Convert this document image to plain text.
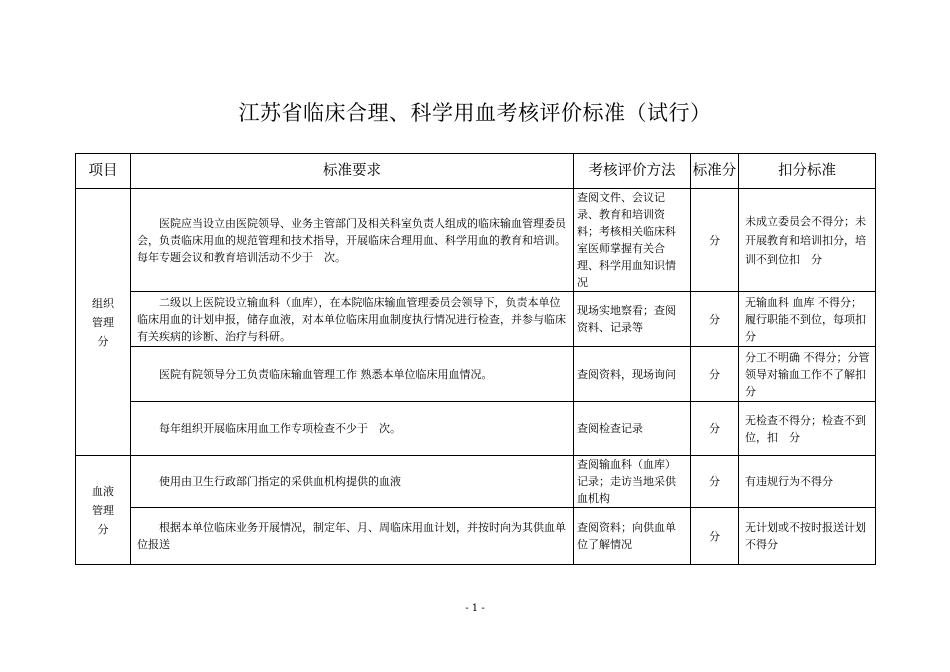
江苏省临床合理、科学用血考核评价标准（试行）
项目	标准要求	考核评价方法	标准分	扣分标准

组织
管理
分	医院应当设立由医院领导、业务主管部门及相关科室负责人组成的临床输血管理委员会，负责临床用血的规范管理和技术指导，开展临床合理用血、科学用血的教育和培训。每年专题会议和教育培训活动不少于　次。	查阅文件、会议记录、教育和培训资料；考核相关临床科室医师掌握有关合理、科学用血知识情况	分	未成立委员会不得分；未开展教育和培训扣分，培训不到位扣　分

	二级以上医院设立输血科（血库），在本院临床输血管理委员会领导下，负责本单位临床用血的计划申报，储存血液，对本单位临床用血制度执行情况进行检查，并参与临床有关疾病的诊断、治疗与科研。	现场实地察看；查阅资料、记录等	分	无输血科 血库 不得分；履行职能不到位，每项扣　分

	医院有院领导分工负责临床输血管理工作 熟悉本单位临床用血情况。	查阅资料，现场询问	分	分工不明确 不得分；分管领导对输血工作不了解扣　分

	每年组织开展临床用血工作专项检查不少于　次。	查阅检查记录	分	无检查不得分；检查不到位，扣　分

血液
管理
分	使用由卫生行政部门指定的采供血机构提供的血液	查阅输血科（血库）记录；走访当地采供血机构	分	有违规行为不得分

	根据本单位临床业务开展情况，制定年、月、周临床用血计划，并按时向为其供血单位报送	查阅资料；向供血单位了解情况	分	无计划或不按时报送计划不得分
- 1 -
